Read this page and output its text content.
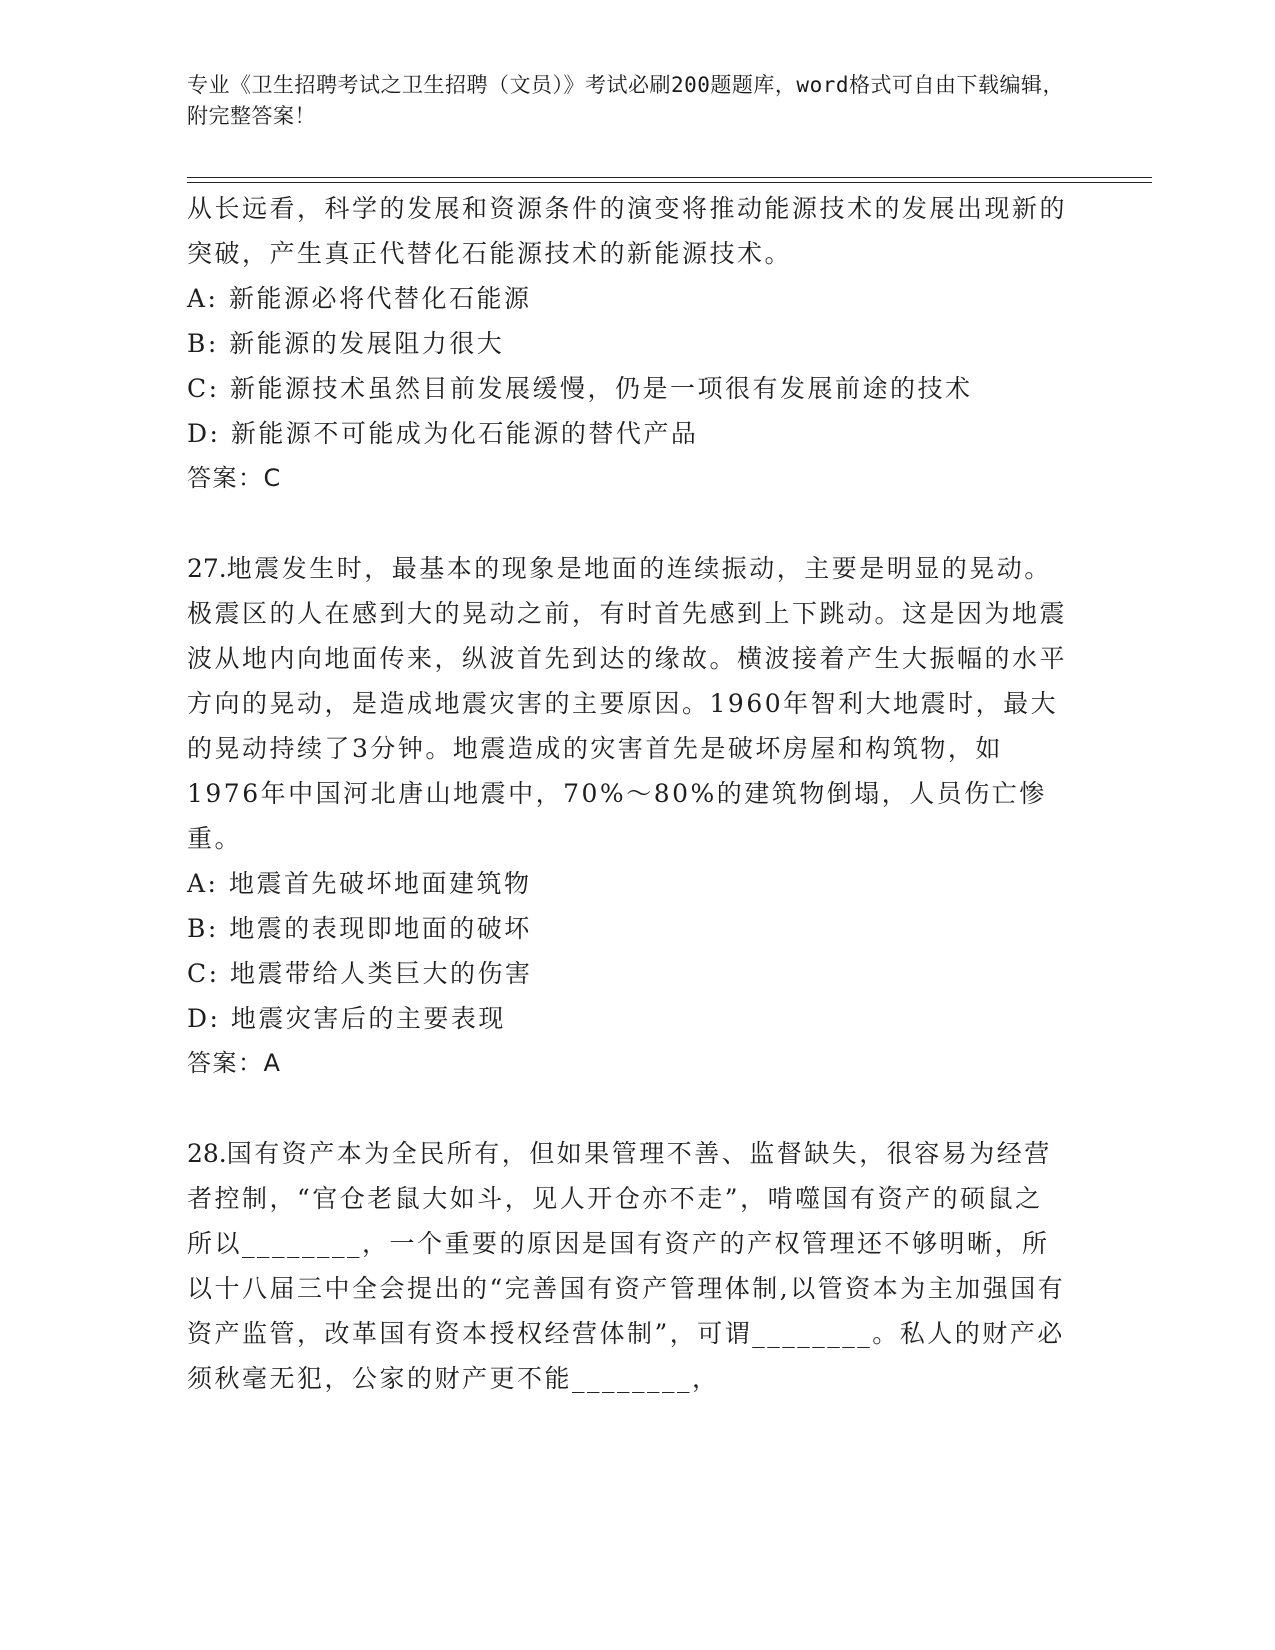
专业《卫生招聘考试之卫生招聘（文员）》考试必刷200题题库，word格式可自由下载编辑，附完整答案！

从长远看，科学的发展和资源条件的演变将推动能源技术的发展出现新的突破，产生真正代替化石能源技术的新能源技术。

A: 新能源必将代替化石能源

B: 新能源的发展阻力很大

C: 新能源技术虽然目前发展缓慢，仍是一项很有发展前途的技术

D: 新能源不可能成为化石能源的替代产品

答案：C

27.地震发生时，最基本的现象是地面的连续振动，主要是明显的晃动。极震区的人在感到大的晃动之前，有时首先感到上下跳动。这是因为地震波从地内向地面传来，纵波首先到达的缘故。横波接着产生大振幅的水平方向的晃动，是造成地震灾害的主要原因。1960年智利大地震时，最大的晃动持续了3分钟。地震造成的灾害首先是破坏房屋和构筑物，如1976年中国河北唐山地震中，70%～80%的建筑物倒塌，人员伤亡惨重。

A: 地震首先破坏地面建筑物

B: 地震的表现即地面的破坏

C: 地震带给人类巨大的伤害

D: 地震灾害后的主要表现

答案：A

28.国有资产本为全民所有，但如果管理不善、监督缺失，很容易为经营者控制，“官仓老鼠大如斗，见人开仓亦不走”，啃噬国有资产的硕鼠之所以________，一个重要的原因是国有资产的产权管理还不够明晰，所以十八届三中全会提出的“完善国有资产管理体制,以管资本为主加强国有资产监管，改革国有资本授权经营体制”，可谓________。私人的财产必须秋毫无犯，公家的财产更不能________，
